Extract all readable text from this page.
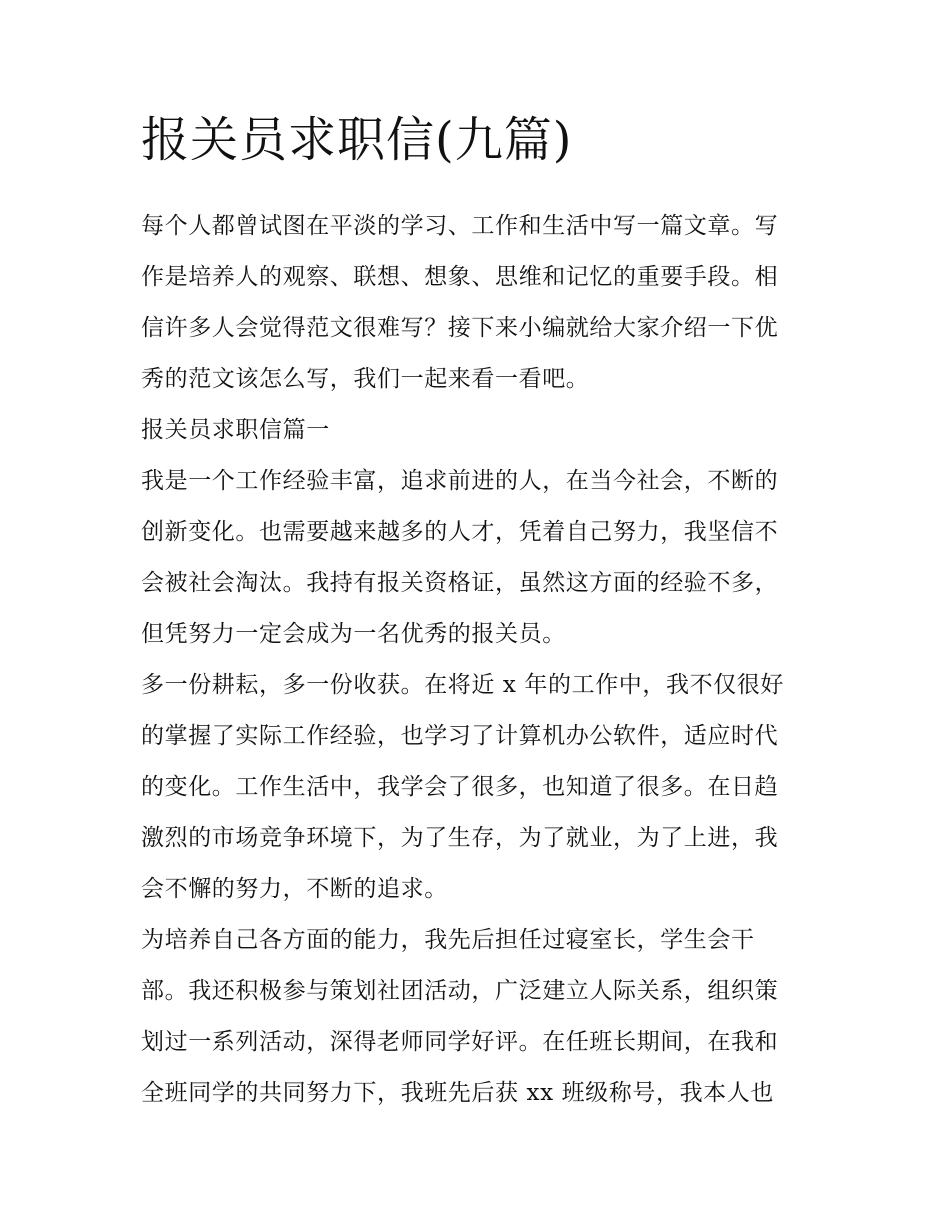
报关员求职信(九篇)
每个人都曾试图在平淡的学习、工作和生活中写一篇文章。写
作是培养人的观察、联想、想象、思维和记忆的重要手段。相
信许多人会觉得范文很难写？接下来小编就给大家介绍一下优
秀的范文该怎么写，我们一起来看一看吧。
报关员求职信篇一
我是一个工作经验丰富，追求前进的人，在当今社会，不断的
创新变化。也需要越来越多的人才，凭着自己努力，我坚信不
会被社会淘汰。我持有报关资格证，虽然这方面的经验不多，
但凭努力一定会成为一名优秀的报关员。
多一份耕耘，多一份收获。在将近 x 年的工作中，我不仅很好
的掌握了实际工作经验，也学习了计算机办公软件，适应时代
的变化。工作生活中，我学会了很多，也知道了很多。在日趋
激烈的市场竞争环境下，为了生存，为了就业，为了上进，我
会不懈的努力，不断的追求。
为培养自己各方面的能力，我先后担任过寝室长，学生会干
部。我还积极参与策划社团活动，广泛建立人际关系，组织策
划过一系列活动，深得老师同学好评。在任班长期间，在我和
全班同学的共同努力下，我班先后获 xx 班级称号，我本人也
